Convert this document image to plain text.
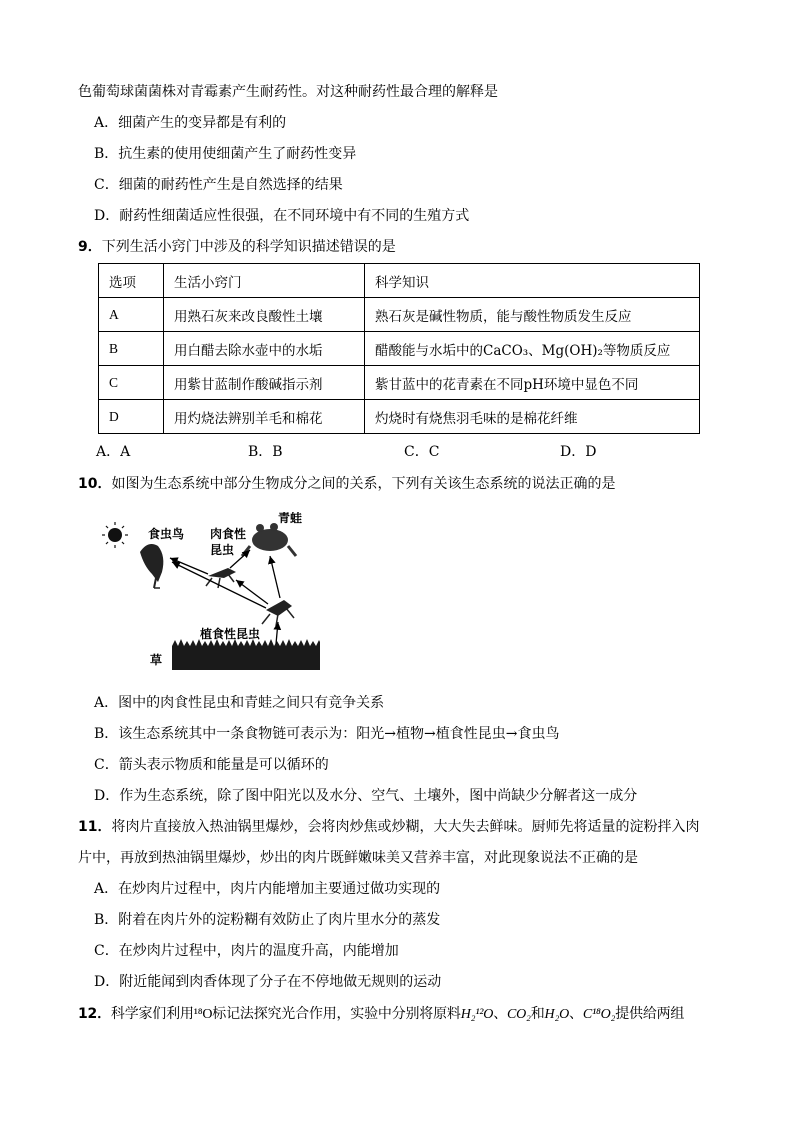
色葡萄球菌菌株对青霉素产生耐药性。对这种耐药性最合理的解释是
A．细菌产生的变异都是有利的
B．抗生素的使用使细菌产生了耐药性变异
C．细菌的耐药性产生是自然选择的结果
D．耐药性细菌适应性很强，在不同环境中有不同的生殖方式
9．下列生活小窍门中涉及的科学知识描述错误的是
选项	生活小窍门	科学知识
A	用熟石灰来改良酸性土壤	熟石灰是碱性物质，能与酸性物质发生反应
B	用白醋去除水壶中的水垢	醋酸能与水垢中的CaCO₃、Mg(OH)₂等物质反应
C	用紫甘蓝制作酸碱指示剂	紫甘蓝中的花青素在不同pH环境中显色不同
D	用灼烧法辨别羊毛和棉花	灼烧时有烧焦羽毛味的是棉花纤维
A．A	B．B	C．C	D．D
10．如图为生态系统中部分生物成分之间的关系，下列有关该生态系统的说法正确的是
食虫鸟
青蛙
肉食性
昆虫
植食性昆虫
草
A．图中的肉食性昆虫和青蛙之间只有竞争关系
B．该生态系统其中一条食物链可表示为：阳光→植物→植食性昆虫→食虫鸟
C．箭头表示物质和能量是可以循环的
D．作为生态系统，除了图中阳光以及水分、空气、土壤外，图中尚缺少分解者这一成分
11．将肉片直接放入热油锅里爆炒，会将肉炒焦或炒糊，大大失去鲜味。厨师先将适量的淀粉拌入肉
片中，再放到热油锅里爆炒，炒出的肉片既鲜嫩味美又营养丰富，对此现象说法不正确的是
A．在炒肉片过程中，肉片内能增加主要通过做功实现的
B．附着在肉片外的淀粉糊有效防止了肉片里水分的蒸发
C．在炒肉片过程中，肉片的温度升高，内能增加
D．附近能闻到肉香体现了分子在不停地做无规则的运动
12．科学家们利用¹⁸O标记法探究光合作用，实验中分别将原料H₂¹²O、CO₂和H₂O、C¹⁸O₂提供给两组
